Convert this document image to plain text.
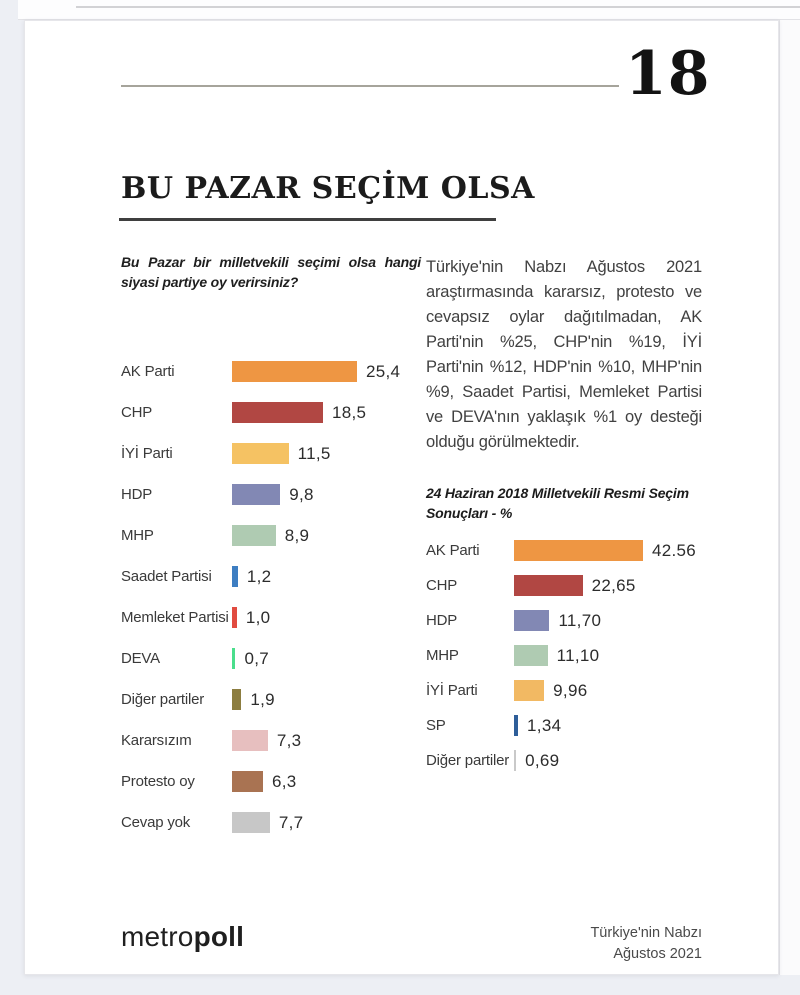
18
BU PAZAR SEÇİM OLSA
Bu Pazar bir milletvekili seçimi olsa hangi siyasi partiye oy verirsiniz?
AK Parti	25,4
CHP	18,5
İYİ Parti	11,5
HDP	9,8
MHP	8,9
Saadet Partisi	1,2
Memleket Partisi 1,0
DEVA	0,7
Diğer partiler	1,9
Kararsızım	7,3
Protesto oy	6,3
Cevap yok	7,7
Türkiye'nin Nabzı Ağustos 2021 araştırmasında kararsız, protesto ve cevapsız oylar dağıtılmadan, AK Parti'nin %25, CHP'nin %19, İYİ Parti'nin %12, HDP'nin %10, MHP'nin %9, Saadet Partisi, Memleket Partisi ve DEVA'nın yaklaşık %1 oy desteği olduğu görülmektedir.
24 Haziran 2018 Milletvekili Resmi Seçim Sonuçları - %
AK Parti	42.56
CHP	22,65
HDP	11,70
MHP	11,10
İYİ Parti	9,96
SP	1,34
Diğer partiler 0,69
metropoll	Türkiye'nin Nabzı
Ağustos 2021
